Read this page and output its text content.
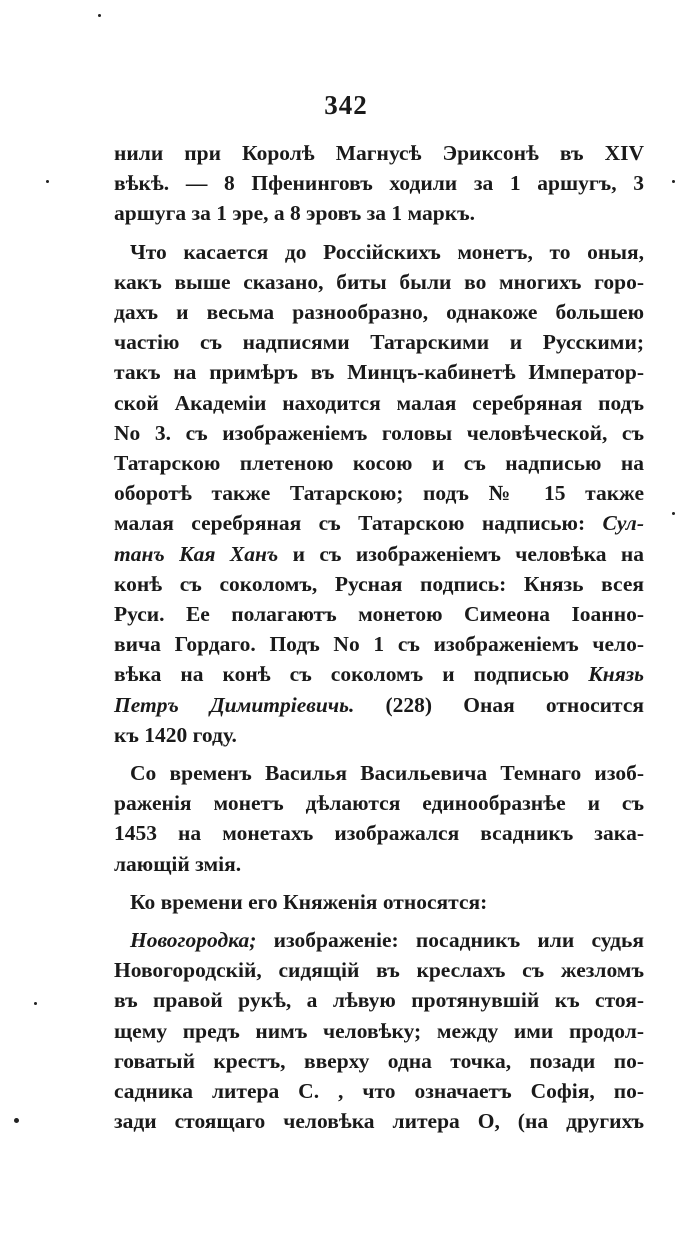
342

нили при Королѣ Магнусѣ Эриксонѣ въ XIV
вѣкѣ. — 8 Пфенинговъ ходили за 1 аршугъ, 3
аршуга за 1 эре, а 8 эровъ за 1 маркъ.

Что касается до Россійскихъ монетъ, то оныя,
какъ выше сказано, биты были во многихъ горо-
дахъ и весьма разнообразно, однакоже большею
частію съ надписями Татарскими и Русскими;
такъ на примѣръ въ Минцъ-кабинетѣ Император-
ской Академіи находится малая серебряная подъ
No 3. съ изображеніемъ головы человѣческой, съ
Татарскою плетеною косою и съ надписью на
оборотѣ также Татарскою; подъ № 15 также
малая серебряная съ Татарскою надписью: Сул-
танъ Кая Ханъ и съ изображеніемъ человѣка на
конѣ съ соколомъ, Русная подпись: Князь всея
Руси. Ее полагаютъ монетою Симеона Іоанно-
вича Гордаго. Подъ No 1 съ изображеніемъ чело-
вѣка на конѣ съ соколомъ и подписью Князь
Петръ Димитріевичь. (228) Оная относится
къ 1420 году.

Со временъ Василья Васильевича Темнаго изоб-
раженія монетъ дѣлаются единообразнѣе и съ
1453 на монетахъ изображался всадникъ закa-
лающій змія.

Ко времени его Княженія относятся:

Новогородка; изображеніе: посадникъ или судья
Новогородскій, сидящій въ креслахъ съ жезломъ
въ правой рукѣ, а лѣвую протянувшій къ стоя-
щему предъ нимъ человѣку; между ими продол-
говатый крестъ, вверху одна точка, позади по-
садника литера С. , что означаетъ Софія, по-
зади стоящаго человѣка литера О, (на другихъ
